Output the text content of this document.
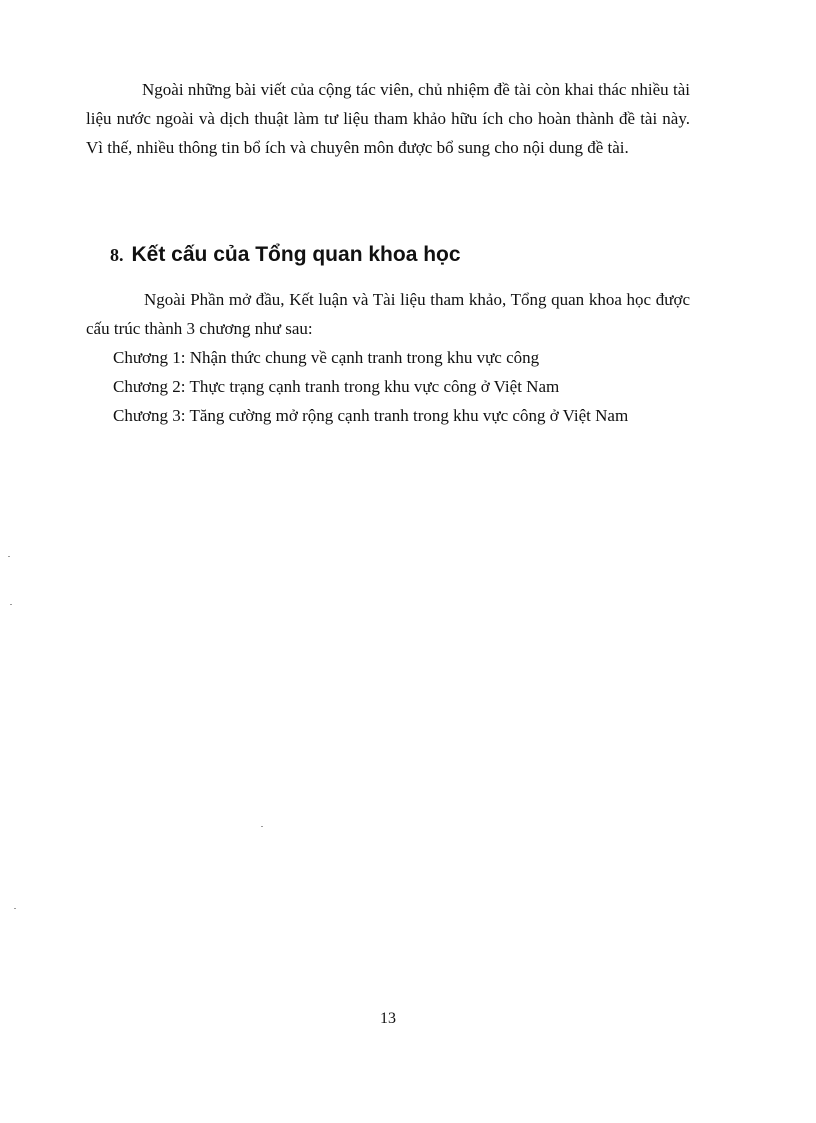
Ngoài những bài viết của cộng tác viên, chủ nhiệm đề tài còn khai thác nhiều tài liệu nước ngoài và dịch thuật làm tư liệu tham khảo hữu ích cho hoàn thành đề tài này. Vì thế, nhiều thông tin bổ ích và chuyên môn được bổ sung cho nội dung đề tài.

8. Kết cấu của Tổng quan khoa học

Ngoài Phần mở đầu, Kết luận và Tài liệu tham khảo, Tổng quan khoa học được cấu trúc thành 3 chương như sau:

Chương 1: Nhận thức chung về cạnh tranh trong khu vực công
Chương 2: Thực trạng cạnh tranh trong khu vực công ở Việt Nam
Chương 3: Tăng cường mở rộng cạnh tranh trong khu vực công ở Việt Nam
13
